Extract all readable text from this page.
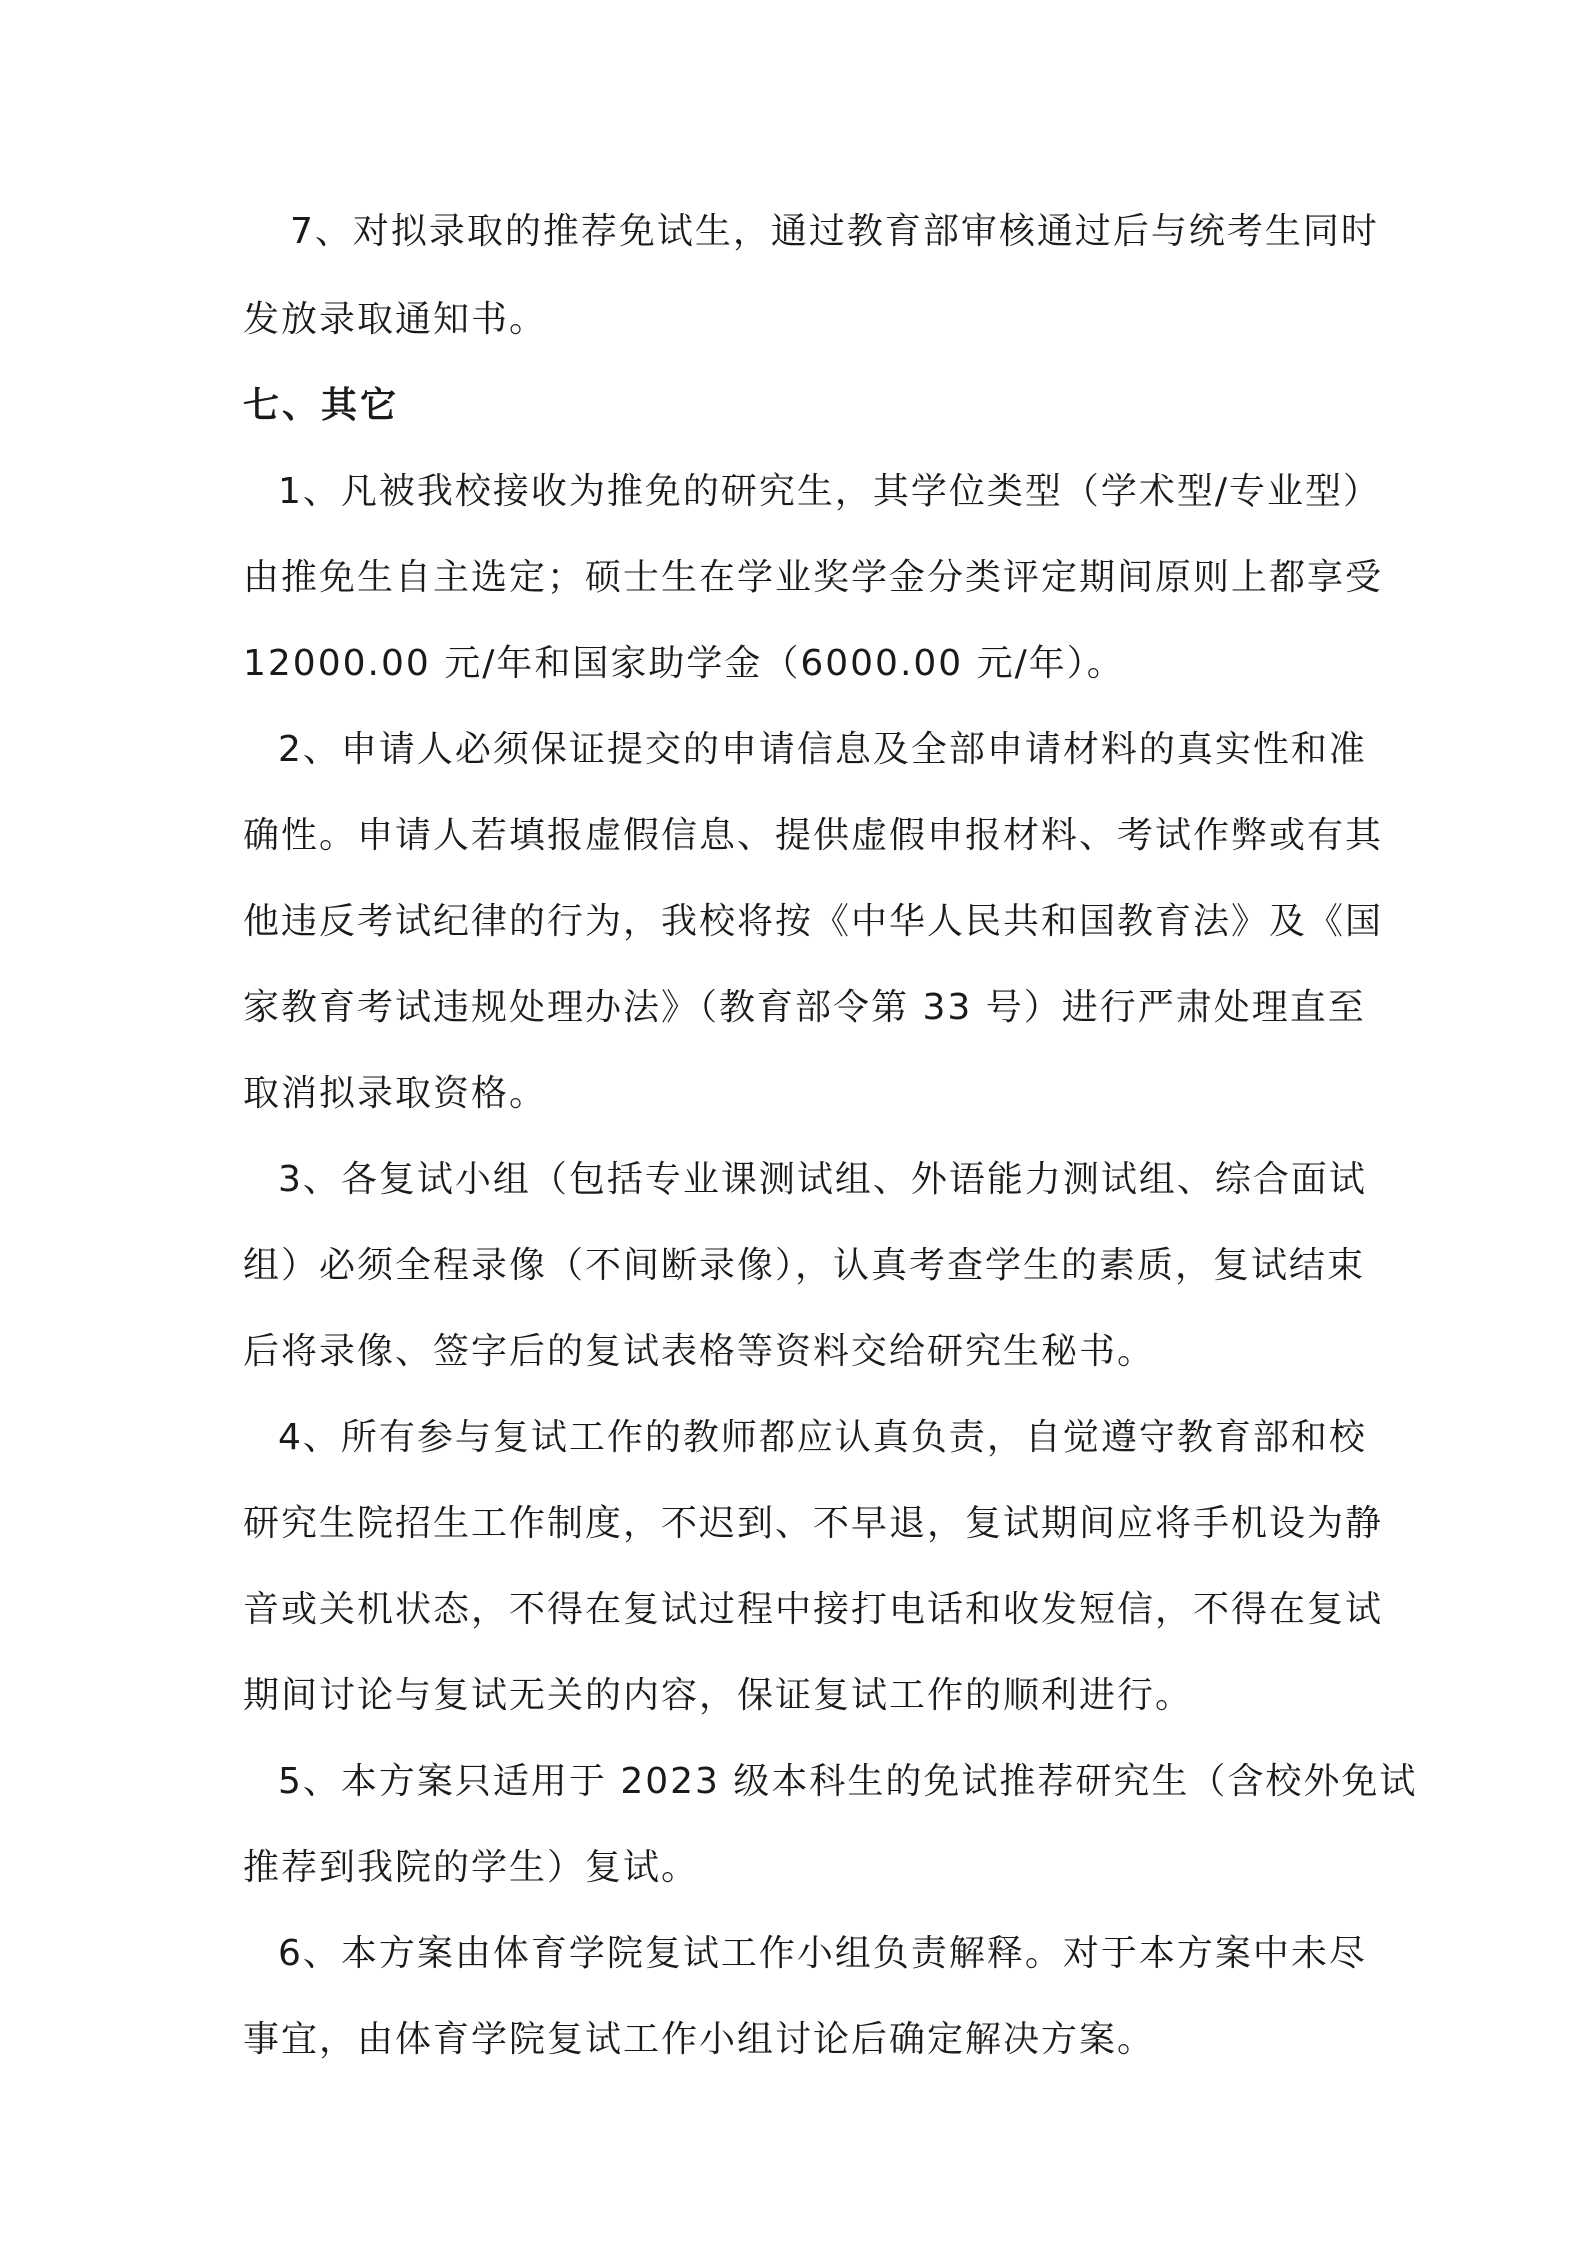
7、对拟录取的推荐免试生，通过教育部审核通过后与统考生同时
发放录取通知书。
七、其它
1、凡被我校接收为推免的研究生，其学位类型（学术型/专业型）
由推免生自主选定；硕士生在学业奖学金分类评定期间原则上都享受
12000.00 元/年和国家助学金（6000.00 元/年）。
2、申请人必须保证提交的申请信息及全部申请材料的真实性和准
确性。申请人若填报虚假信息、提供虚假申报材料、考试作弊或有其
他违反考试纪律的行为，我校将按《中华人民共和国教育法》及《国
家教育考试违规处理办法》（教育部令第 33 号）进行严肃处理直至
取消拟录取资格。
3、各复试小组（包括专业课测试组、外语能力测试组、综合面试
组）必须全程录像（不间断录像），认真考查学生的素质，复试结束
后将录像、签字后的复试表格等资料交给研究生秘书。
4、所有参与复试工作的教师都应认真负责，自觉遵守教育部和校
研究生院招生工作制度，不迟到、不早退，复试期间应将手机设为静
音或关机状态，不得在复试过程中接打电话和收发短信，不得在复试
期间讨论与复试无关的内容，保证复试工作的顺利进行。
5、本方案只适用于 2023 级本科生的免试推荐研究生（含校外免试
推荐到我院的学生）复试。
6、本方案由体育学院复试工作小组负责解释。对于本方案中未尽
事宜，由体育学院复试工作小组讨论后确定解决方案。
